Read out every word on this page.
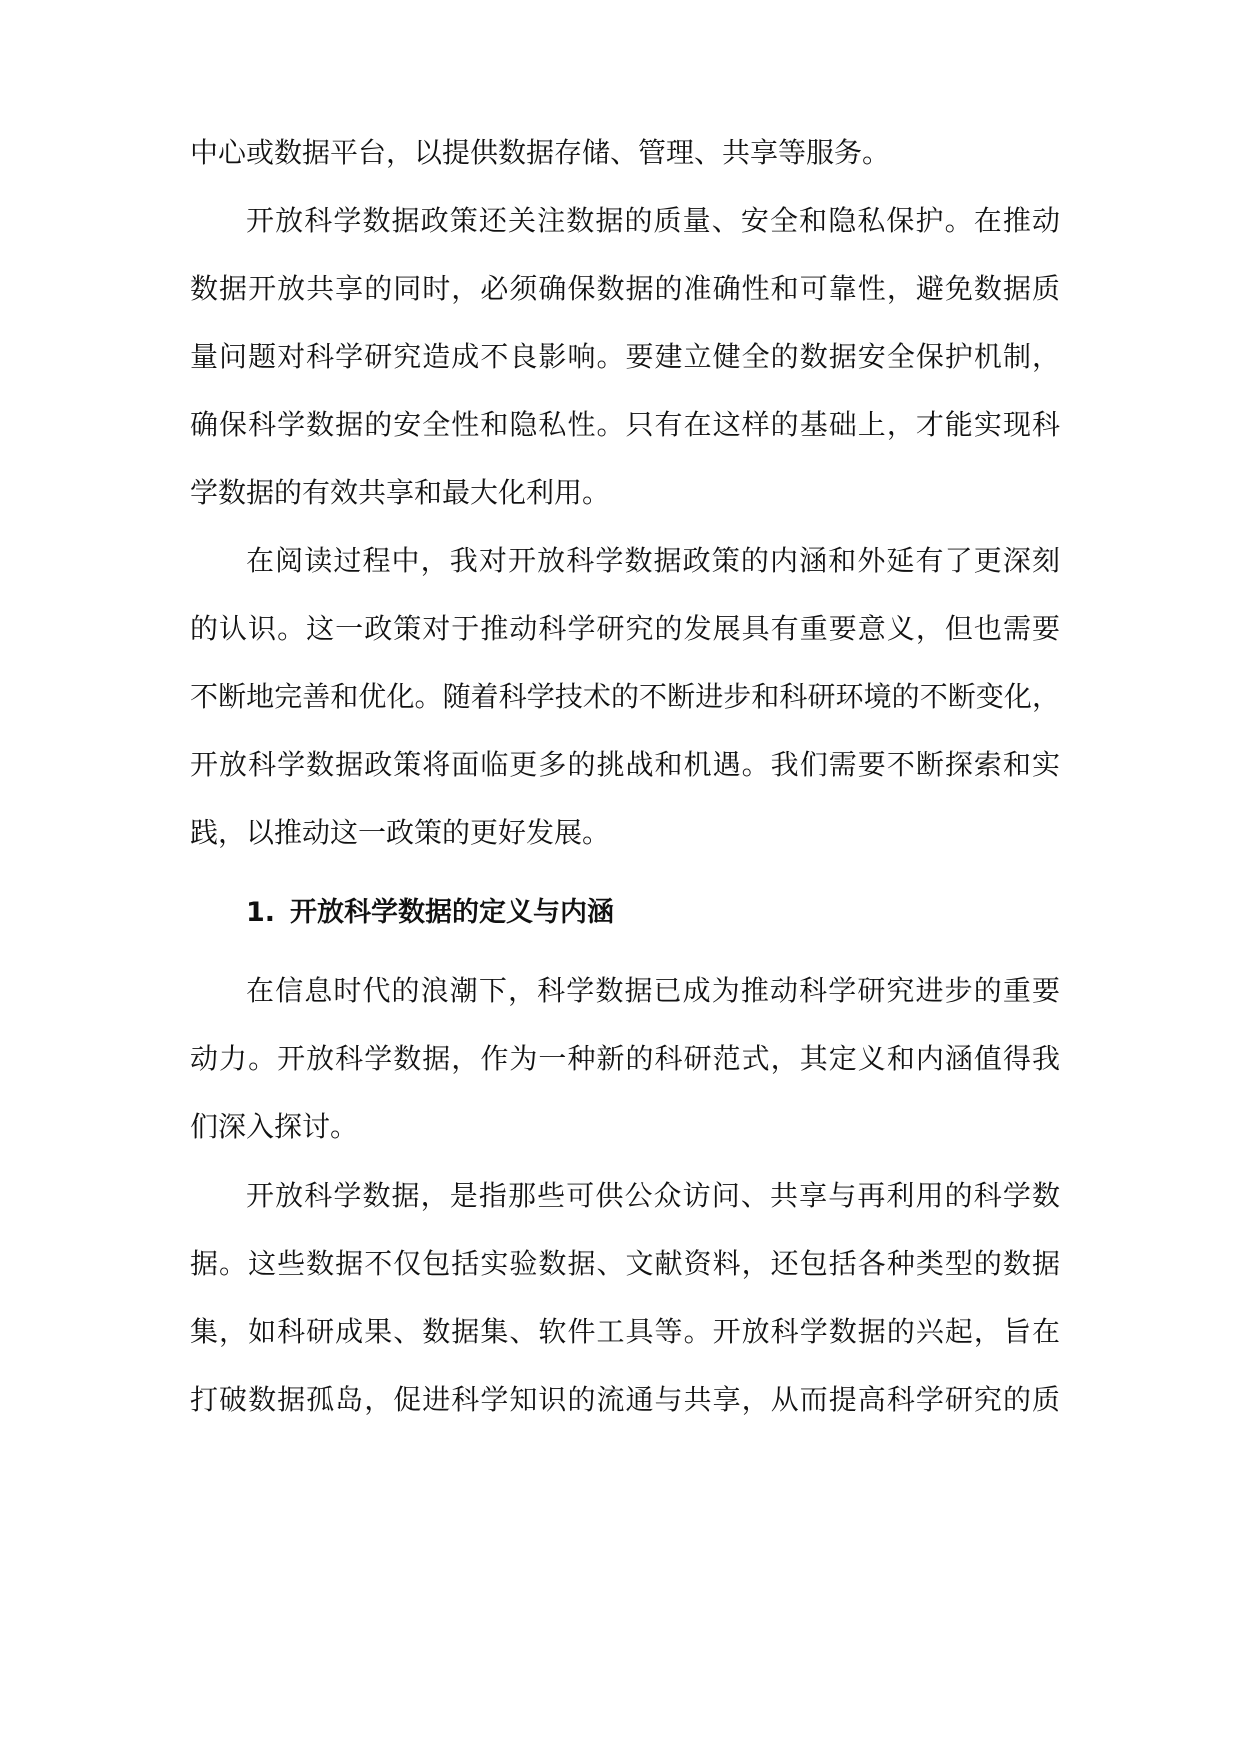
中心或数据平台，以提供数据存储、管理、共享等服务。
开放科学数据政策还关注数据的质量、安全和隐私保护。在推动
数据开放共享的同时，必须确保数据的准确性和可靠性，避免数据质
量问题对科学研究造成不良影响。要建立健全的数据安全保护机制，
确保科学数据的安全性和隐私性。只有在这样的基础上，才能实现科
学数据的有效共享和最大化利用。
在阅读过程中，我对开放科学数据政策的内涵和外延有了更深刻
的认识。这一政策对于推动科学研究的发展具有重要意义，但也需要
不断地完善和优化。随着科学技术的不断进步和科研环境的不断变化，
开放科学数据政策将面临更多的挑战和机遇。我们需要不断探索和实
践，以推动这一政策的更好发展。
1. 开放科学数据的定义与内涵
在信息时代的浪潮下，科学数据已成为推动科学研究进步的重要
动力。开放科学数据，作为一种新的科研范式，其定义和内涵值得我
们深入探讨。
开放科学数据，是指那些可供公众访问、共享与再利用的科学数
据。这些数据不仅包括实验数据、文献资料，还包括各种类型的数据
集，如科研成果、数据集、软件工具等。开放科学数据的兴起，旨在
打破数据孤岛，促进科学知识的流通与共享，从而提高科学研究的质
